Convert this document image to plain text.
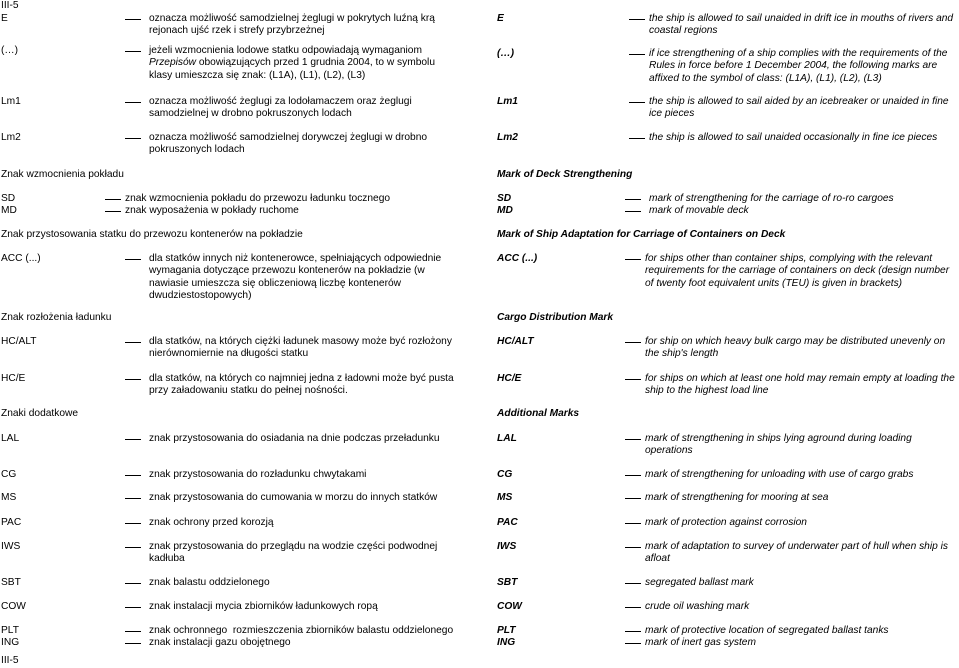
III-5
III-5
E	oznacza możliwość samodzielnej żeglugi w pokrytych luźną krą rejonach ujść rzek i strefy przybrzeżnej
(…)	jeżeli wzmocnienia lodowe statku odpowiadają wymaganiom Przepisów obowiązujących przed 1 grudnia 2004, to w symbolu klasy umieszcza się znak: (L1A), (L1), (L2), (L3)
Lm1	oznacza możliwość żeglugi za lodołamaczem oraz żeglugi samodzielnej w drobno pokruszonych lodach
Lm2	oznacza możliwość samodzielnej dorywczej żeglugi w drobno pokruszonych lodach
Znak wzmocnienia pokładu
SD	znak wzmocnienia pokładu do przewozu ładunku tocznego
MD	znak wyposażenia w pokłady ruchome
Znak przystosowania statku do przewozu kontenerów na pokładzie
ACC (...)	dla statków innych niż kontenerowce, spełniających odpowiednie wymagania dotyczące przewozu kontenerów na pokładzie (w nawiasie umieszcza się obliczeniową liczbę kontenerów dwudziestostopowych)
Znak rozłożenia ładunku
HC/ALT	dla statków, na których ciężki ładunek masowy może być rozłożony nierównomiernie na długości statku
HC/E	dla statków, na których co najmniej jedna z ładowni może być pusta przy załadowaniu statku do pełnej nośności.
Znaki dodatkowe
LAL	znak przystosowania do osiadania na dnie podczas przeładunku
CG	znak przystosowania do rozładunku chwytakami
MS	znak przystosowania do cumowania w morzu do innych statków
PAC	znak ochrony przed korozją
IWS	znak przystosowania do przeglądu na wodzie części podwodnej kadłuba
SBT	znak balastu oddzielonego
COW	znak instalacji mycia zbiorników ładunkowych ropą
PLT	znak ochronnego  rozmieszczenia zbiorników balastu oddzielonego
ING	znak instalacji gazu obojętnego
E	the ship is allowed to sail unaided in drift ice in mouths of rivers and coastal regions
(…)	if ice strengthening of a ship complies with the requirements of the Rules in force before 1 December 2004, the following marks are affixed to the symbol of class: (L1A), (L1), (L2), (L3)
Lm1	the ship is allowed to sail aided by an icebreaker or unaided in fine ice pieces
Lm2	the ship is allowed to sail unaided occasionally in fine ice pieces
Mark of Deck Strengthening
SD	mark of strengthening for the carriage of ro-ro cargoes
MD	mark of movable deck
Mark of Ship Adaptation for Carriage of Containers on Deck
ACC (...)	for ships other than container ships, complying with the relevant requirements for the carriage of containers on deck (design number of twenty foot equivalent units (TEU) is given in brackets)
Cargo Distribution Mark
HC/ALT	for ship on which heavy bulk cargo may be distributed unevenly on the ship's length
HC/E	for ships on which at least one hold may remain empty at loading the ship to the highest load line
Additional Marks
LAL	mark of strengthening in ships lying aground during loading operations
CG	mark of strengthening for unloading with use of cargo grabs
MS	mark of strengthening for mooring at sea
PAC	mark of protection against corrosion
IWS	mark of adaptation to survey of underwater part of hull when ship is afloat
SBT	segregated ballast mark
COW	crude oil washing mark
PLT	mark of protective location of segregated ballast tanks
ING	mark of inert gas system
